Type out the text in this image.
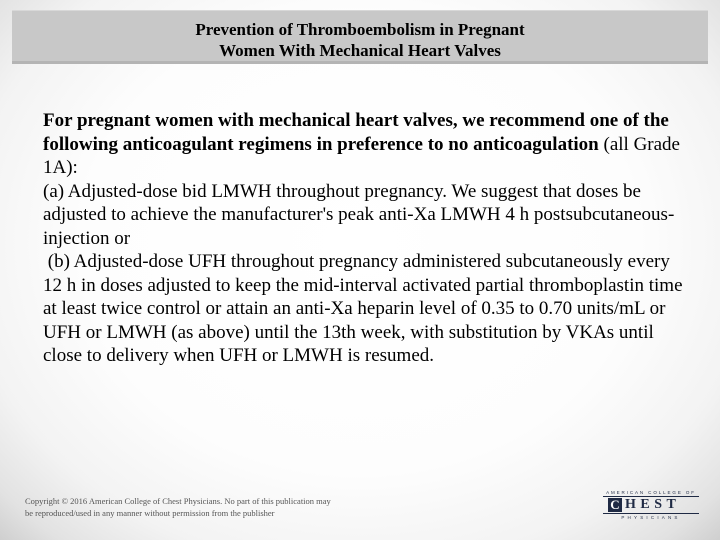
Prevention of Thromboembolism in Pregnant
Women With Mechanical Heart Valves

For pregnant women with mechanical heart valves, we recommend one of the following anticoagulant regimens in preference to no anticoagulation (all Grade 1A):
(a) Adjusted-dose bid LMWH throughout pregnancy. We suggest that doses be adjusted to achieve the manufacturer's peak anti-Xa LMWH 4 h postsubcutaneous-injection or
(b) Adjusted-dose UFH throughout pregnancy administered subcutaneously every 12 h in doses adjusted to keep the mid-interval activated partial thromboplastin time at least twice control or attain an anti-Xa heparin level of 0.35 to 0.70 units/mL or UFH or LMWH (as above) until the 13th week, with substitution by VKAs until close to delivery when UFH or LMWH is resumed.

Copyright © 2016 American College of Chest Physicians. No part of this publication may
be reproduced/used in any manner without permission from the publisher
AMERICAN COLLEGE OF
C HEST
PHYSICIANS
